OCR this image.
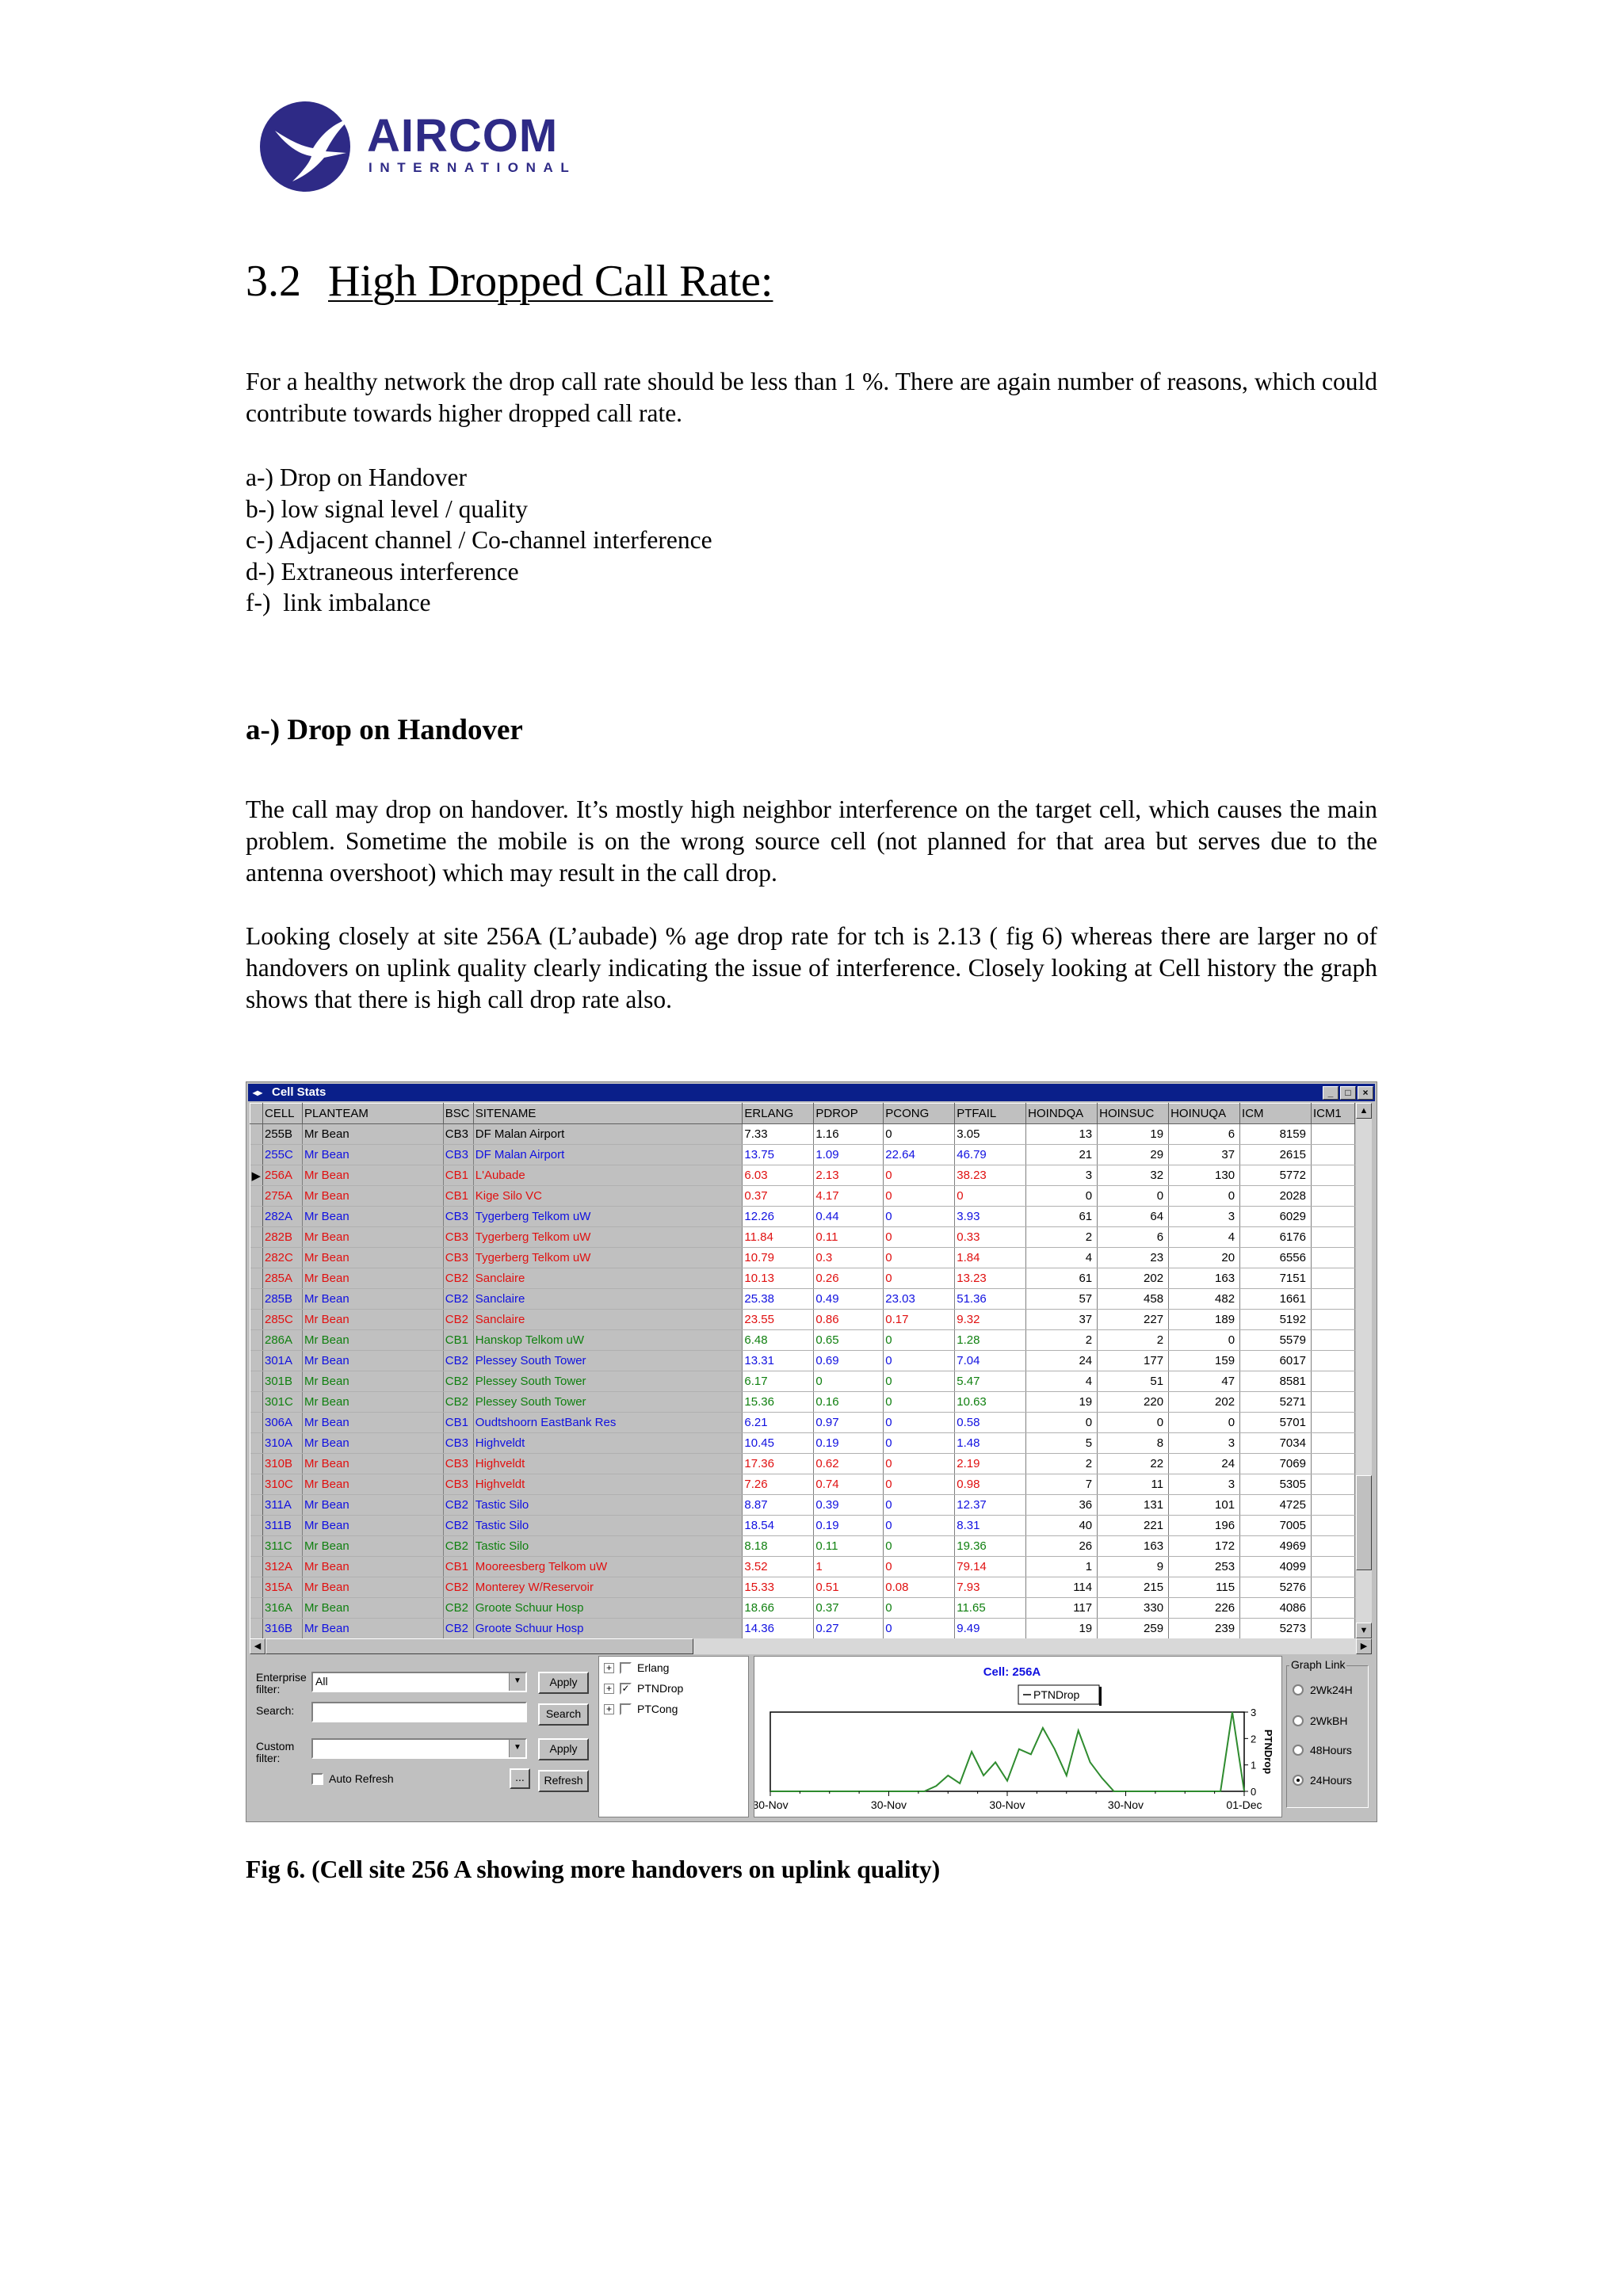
AIRCOM
INTERNATIONAL
3.2 High Dropped Call Rate:
For a healthy network the drop call rate should be less than 1 %. There are again number of reasons, which could contribute towards higher dropped call rate.
a-) Drop on Handover
b-) low signal level / quality
c-) Adjacent channel / Co-channel interference
d-) Extraneous interference
f-)  link imbalance
a-) Drop on Handover
The call may drop on handover. It’s mostly high neighbor interference on the target cell, which causes the main problem. Sometime the mobile is on the wrong source cell (not planned for that area but serves due to the antenna overshoot) which may result in the call drop.
Looking closely at site 256A (L’aubade) % age drop rate for tch is 2.13 ( fig 6) whereas there are larger no of handovers on uplink quality clearly indicating the issue of interference. Closely looking at Cell history the graph shows that there is high call drop rate also.
◂▸ Cell Stats	_	□	×
	CELL	PLANTEAM	BSC	SITENAME	ERLANG	PDROP	PCONG	PTFAIL	HOINDQA	HOINSUC	HOINUQA	ICM	ICM1
	255B	Mr Bean	CB3	DF Malan Airport	7.33	1.16	0	3.05	13	19	6	8159	
	255C	Mr Bean	CB3	DF Malan Airport	13.75	1.09	22.64	46.79	21	29	37	2615	
▶	256A	Mr Bean	CB1	L'Aubade	6.03	2.13	0	38.23	3	32	130	5772	
	275A	Mr Bean	CB1	Kige Silo VC	0.37	4.17	0	0	0	0	0	2028	
	282A	Mr Bean	CB3	Tygerberg Telkom uW	12.26	0.44	0	3.93	61	64	3	6029	
	282B	Mr Bean	CB3	Tygerberg Telkom uW	11.84	0.11	0	0.33	2	6	4	6176	
	282C	Mr Bean	CB3	Tygerberg Telkom uW	10.79	0.3	0	1.84	4	23	20	6556	
	285A	Mr Bean	CB2	Sanclaire	10.13	0.26	0	13.23	61	202	163	7151	
	285B	Mr Bean	CB2	Sanclaire	25.38	0.49	23.03	51.36	57	458	482	1661	
	285C	Mr Bean	CB2	Sanclaire	23.55	0.86	0.17	9.32	37	227	189	5192	
	286A	Mr Bean	CB1	Hanskop Telkom uW	6.48	0.65	0	1.28	2	2	0	5579	
	301A	Mr Bean	CB2	Plessey South Tower	13.31	0.69	0	7.04	24	177	159	6017	
	301B	Mr Bean	CB2	Plessey South Tower	6.17	0	0	5.47	4	51	47	8581	
	301C	Mr Bean	CB2	Plessey South Tower	15.36	0.16	0	10.63	19	220	202	5271	
	306A	Mr Bean	CB1	Oudtshoorn EastBank Res	6.21	0.97	0	0.58	0	0	0	5701	
	310A	Mr Bean	CB3	Highveldt	10.45	0.19	0	1.48	5	8	3	7034	
	310B	Mr Bean	CB3	Highveldt	17.36	0.62	0	2.19	2	22	24	7069	
	310C	Mr Bean	CB3	Highveldt	7.26	0.74	0	0.98	7	11	3	5305	
	311A	Mr Bean	CB2	Tastic Silo	8.87	0.39	0	12.37	36	131	101	4725	
	311B	Mr Bean	CB2	Tastic Silo	18.54	0.19	0	8.31	40	221	196	7005	
	311C	Mr Bean	CB2	Tastic Silo	8.18	0.11	0	19.36	26	163	172	4969	
	312A	Mr Bean	CB1	Mooreesberg Telkom uW	3.52	1	0	79.14	1	9	253	4099	
	315A	Mr Bean	CB2	Monterey W/Reservoir	15.33	0.51	0.08	7.93	114	215	115	5276	
	316A	Mr Bean	CB2	Groote Schuur Hosp	18.66	0.37	0	11.65	117	330	226	4086	
	316B	Mr Bean	CB2	Groote Schuur Hosp	14.36	0.27	0	9.49	19	259	239	5273	
▲
▼
◀	▶
Enterprise filter:
All	▼	Apply
Search:	Search
Custom filter:
▼	Apply
Auto Refresh	...	Refresh
+ Erlang
+ ✓ PTNDrop
+ PTCong
Cell: 256A
PTNDrop
30-Nov	30-Nov	30-Nov	30-Nov	01-Dec
0
1
2
3
PTNDrop
Graph Link
2Wk24H
2WkBH
48Hours
24Hours
Fig 6. (Cell site 256 A showing more handovers on uplink quality)
